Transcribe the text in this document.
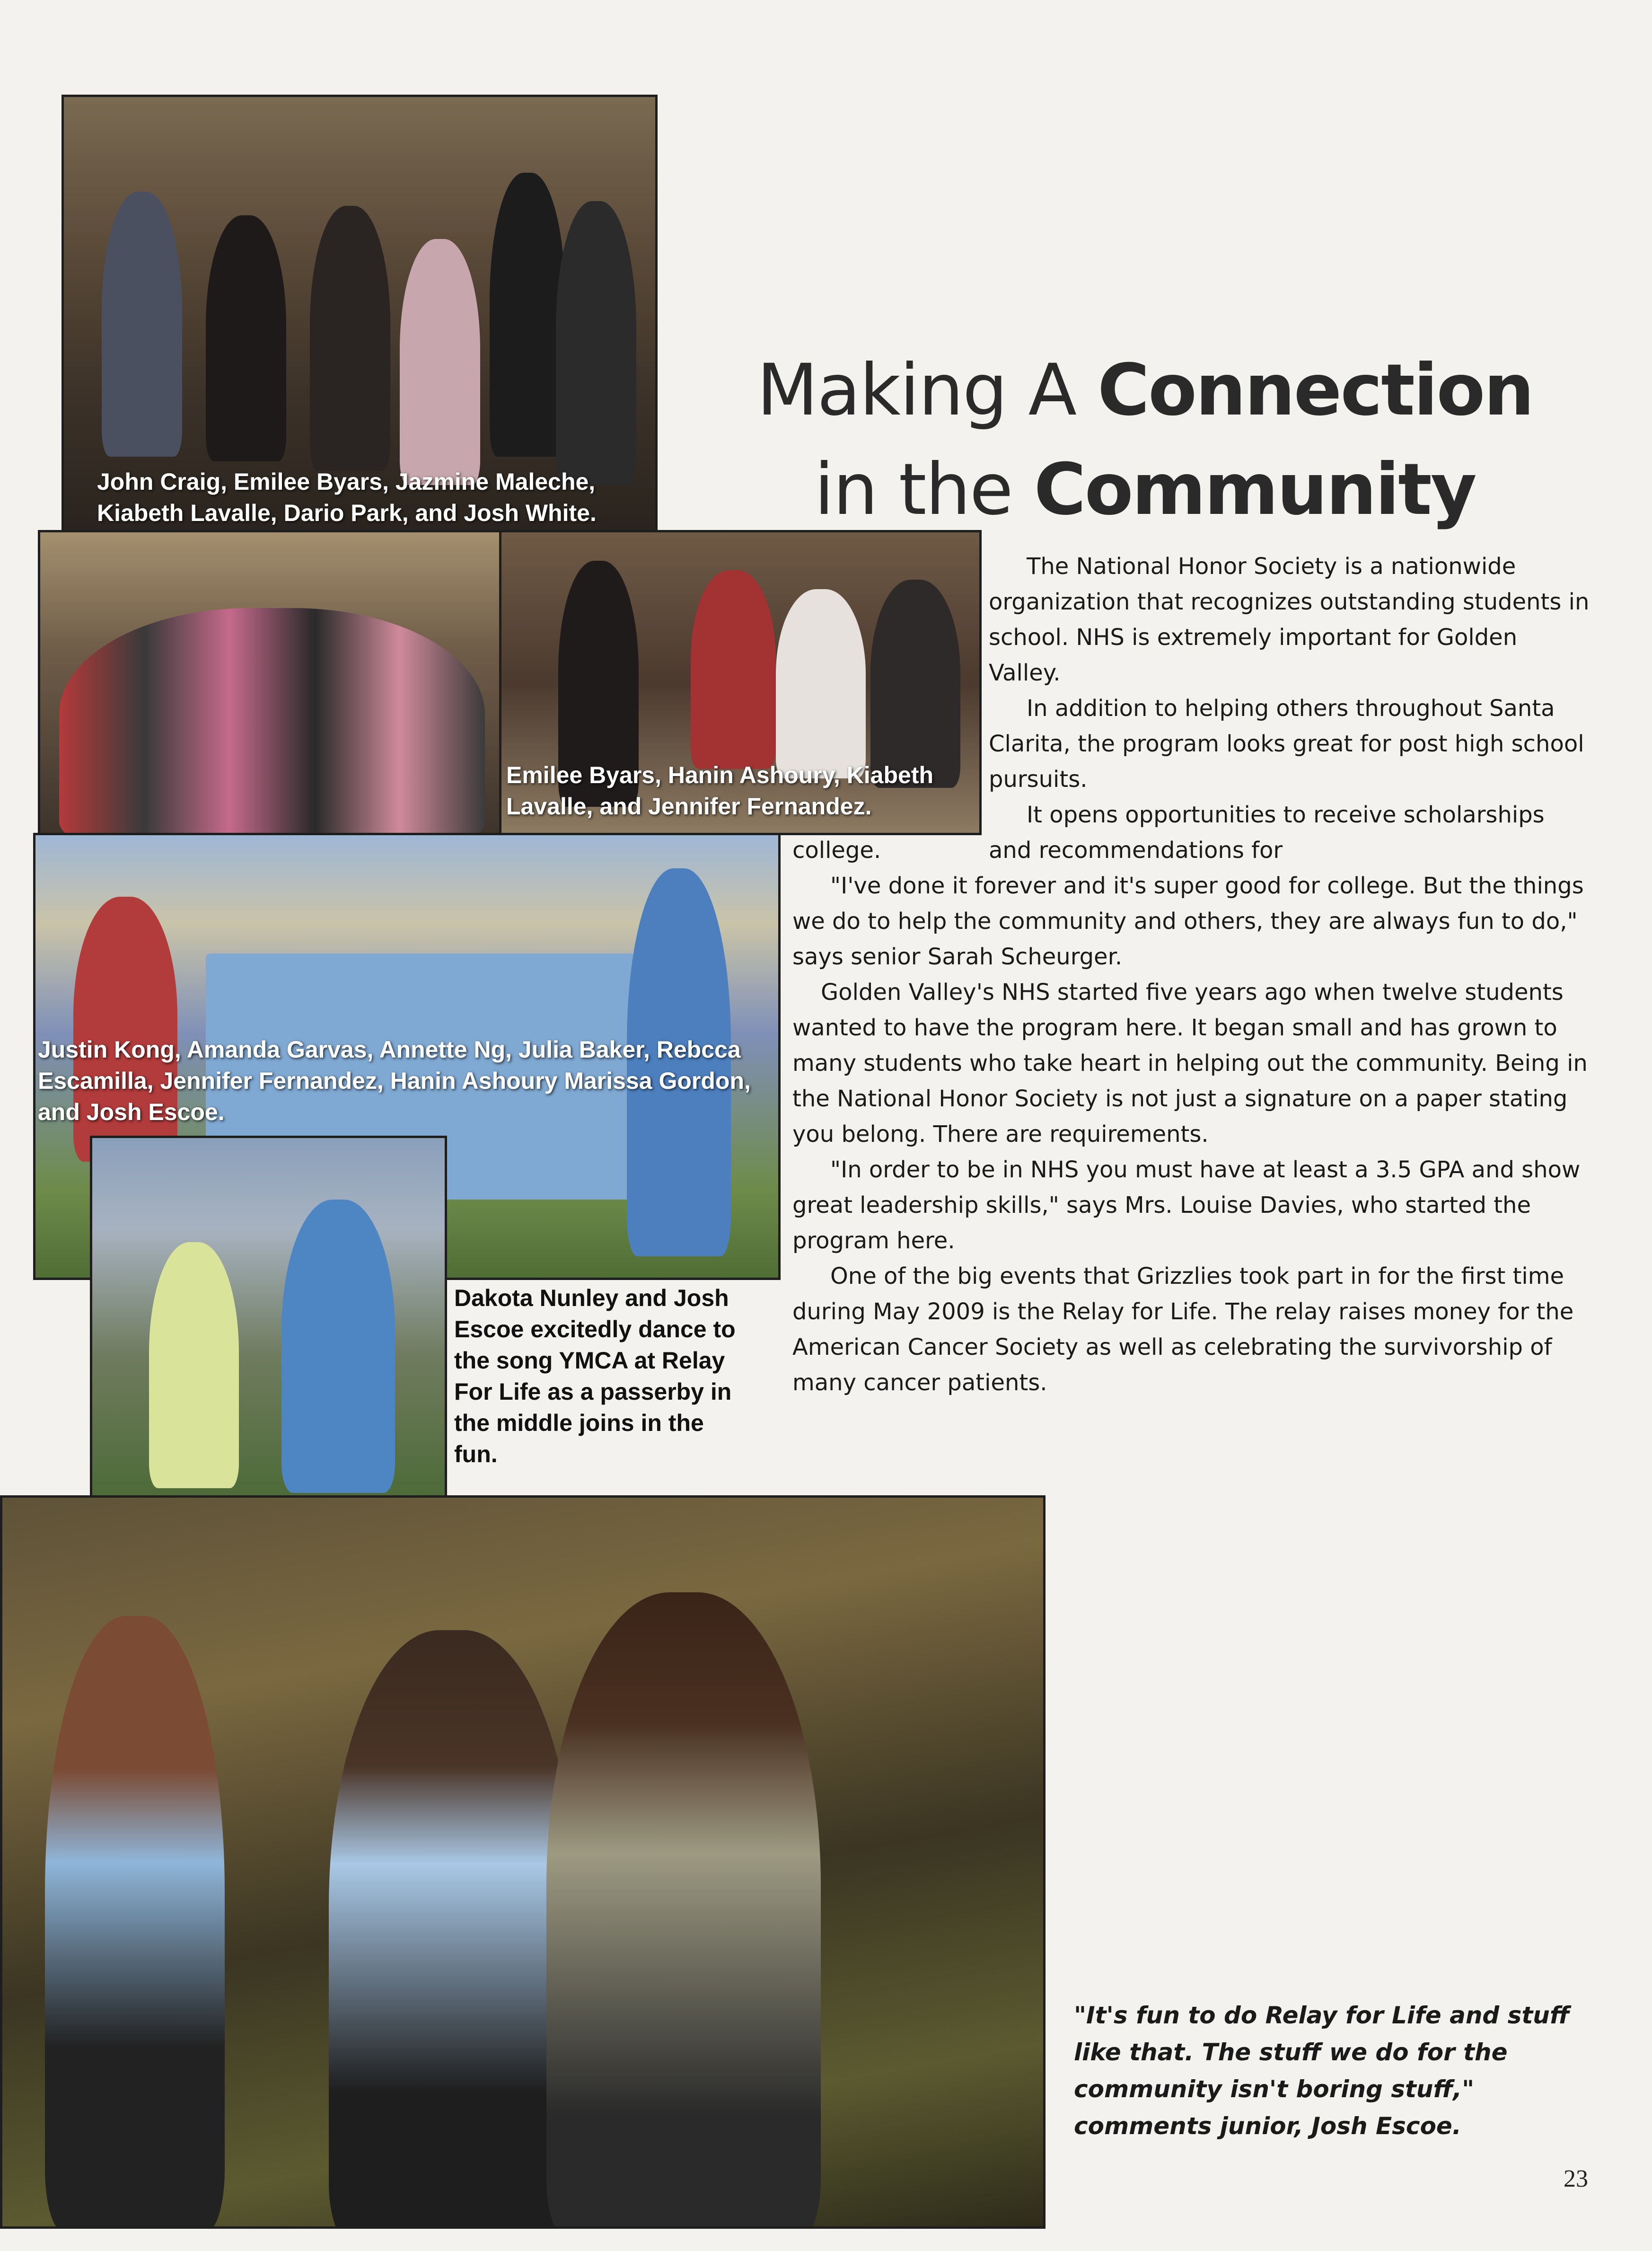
John Craig, Emilee Byars, Jazmine Maleche, Kiabeth Lavalle, Dario Park, and Josh White.
Emilee Byars, Hanin Ashoury, Kiabeth Lavalle, and Jennifer Fernandez.
Justin Kong, Amanda Garvas, Annette Ng, Julia Baker, Rebcca Escamilla, Jennifer Fernandez, Hanin Ashoury Marissa Gordon, and Josh Escoe.
Dakota Nunley and Josh Escoe excitedly dance to the song YMCA at Relay For Life as a passerby in the middle joins in the fun.
Making A Connection
in the Community

The National Honor Society is a nationwide organization that recognizes outstanding students in school. NHS is extremely important for Golden Valley.

In addition to helping others throughout Santa Clarita, the program looks great for post high school pursuits.

It opens opportunities to receive scholarships and recommendations for

college.

"I've done it forever and it's super good for college. But the things we do to help the community and others, they are always fun to do," says senior Sarah Scheurger.

Golden Valley's NHS started five years ago when twelve students wanted to have the program here. It began small and has grown to many students who take heart in helping out the community. Being in the National Honor Society is not just a signature on a paper stating you belong. There are requirements.

"In order to be in NHS you must have at least a 3.5 GPA and show great leadership skills," says Mrs. Louise Davies, who started the program here.

One of the big events that Grizzlies took part in for the first time during May 2009 is the Relay for Life. The relay raises money for the American Cancer Society as well as celebrating the survivorship of many cancer patients.

"It's fun to do Relay for Life and stuff like that. The stuff we do for the community isn't boring stuff," comments junior, Josh Escoe.
23
